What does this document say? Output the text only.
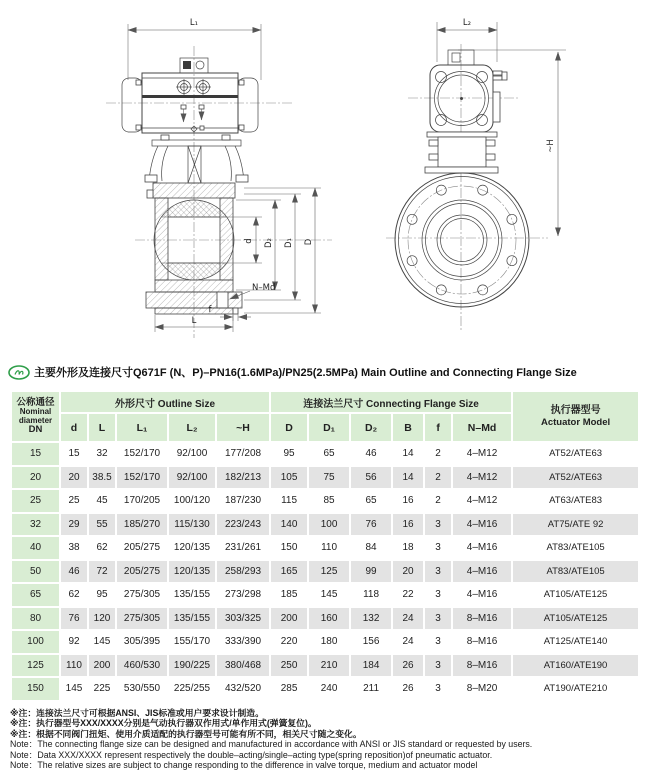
L₁
d D₂ D₁ D
N–Md
f
L
L₂
~H
主要外形及连接尺寸Q671F (N、P)–PN16(1.6MPa)/PN25(2.5MPa) Main Outline and Connecting Flange Size
公称通径
Nominal
diameter
DN
	外形尺寸 Outline Size	连接法兰尺寸 Connecting Flange Size	
执行器型号
Actuator Model

	d	L	L₁	L₂	~H	D	D₁	D₂	B	f	N–Md	
15	15	32	152/170	92/100	177/208	95	65	46	14	2	4–M12	AT52/ATE63
20	20	38.5	152/170	92/100	182/213	105	75	56	14	2	4–M12	AT52/ATE63
25	25	45	170/205	100/120	187/230	115	85	65	16	2	4–M12	AT63/ATE83
32	29	55	185/270	115/130	223/243	140	100	76	16	3	4–M16	AT75/ATE 92
40	38	62	205/275	120/135	231/261	150	110	84	18	3	4–M16	AT83/ATE105
50	46	72	205/275	120/135	258/293	165	125	99	20	3	4–M16	AT83/ATE105
65	62	95	275/305	135/155	273/298	185	145	118	22	3	4–M16	AT105/ATE125
80	76	120	275/305	135/155	303/325	200	160	132	24	3	8–M16	AT105/ATE125
100	92	145	305/395	155/170	333/390	220	180	156	24	3	8–M16	AT125/ATE140
125	110	200	460/530	190/225	380/468	250	210	184	26	3	8–M16	AT160/ATE190
150	145	225	530/550	225/255	432/520	285	240	211	26	3	8–M20	AT190/ATE210
※注：连接法兰尺寸可根据ANSI、JIS标准或用户要求设计制造。
※注：执行器型号XXX/XXXX分别是气动执行器双作用式/单作用式(弹簧复位)。
※注：根据不同阀门扭矩、使用介质适配的执行器型号可能有所不同，相关尺寸随之变化。
Note：The connecting flange size can be designed and manufactured in accordance with ANSI or JIS standard or requested by users.
Note：Data XXX/XXXX represent respectively the double–acting/single–acting type(spring reposition)of pneumatic actuator.
Note：The relative sizes are subject to change responding to the difference in valve torque, medium and actuator model
